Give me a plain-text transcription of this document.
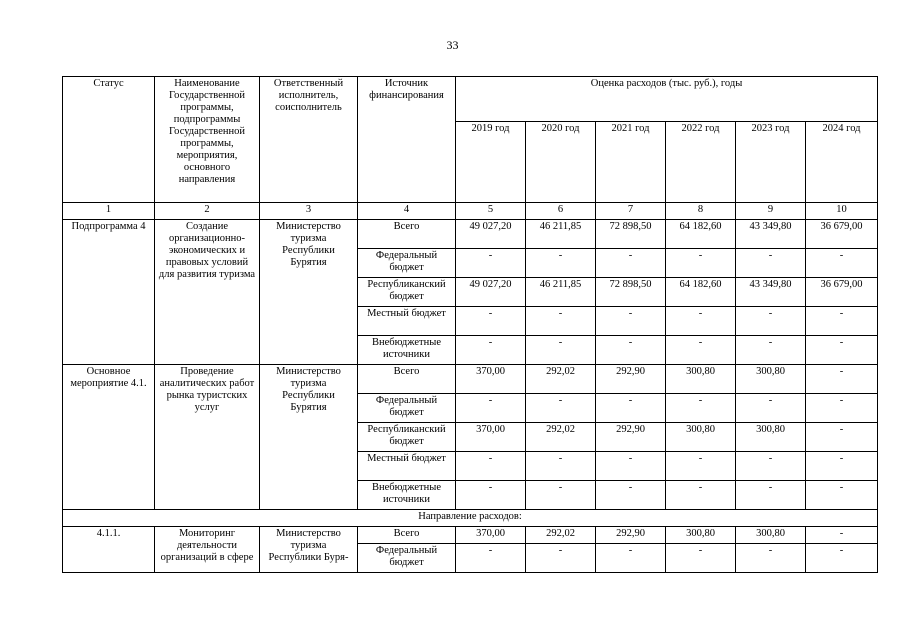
33
Статус	Наименование Государственной программы, подпрограммы Государственной программы, мероприятия, основного направления	Ответственный исполнитель, соисполнитель	Источник финансирования	Оценка расходов (тыс. руб.), годы					
				2019 год	2020 год	2021 год	2022 год	2023 год	2024 год
1	2	3	4	5	6	7	8	9	10
Подпрограмма 4	Создание организационно-экономических и правовых условий для развития туризма	Министерство туризма Республики Бурятия	Всего	49 027,20	46 211,85	72 898,50	64 182,60	43 349,80	36 679,00
			Федеральный бюджет	-	-	-	-	-	-
			Республиканский бюджет	49 027,20	46 211,85	72 898,50	64 182,60	43 349,80	36 679,00
			Местный бюджет	-	-	-	-	-	-
			Внебюджетные источники	-	-	-	-	-	-
Основное мероприятие 4.1.	Проведение аналитических работ рынка туристских услуг	Министерство туризма Республики Бурятия	Всего	370,00	292,02	292,90	300,80	300,80	-
			Федеральный бюджет	-	-	-	-	-	-
			Республиканский бюджет	370,00	292,02	292,90	300,80	300,80	-
			Местный бюджет	-	-	-	-	-	-
			Внебюджетные источники	-	-	-	-	-	-
Направление расходов:									
4.1.1.	Мониторинг деятельности организаций в сфере	Министерство туризма Республики Буря-	Всего	370,00	292,02	292,90	300,80	300,80	-
			Федеральный бюджет	-	-	-	-	-	-
